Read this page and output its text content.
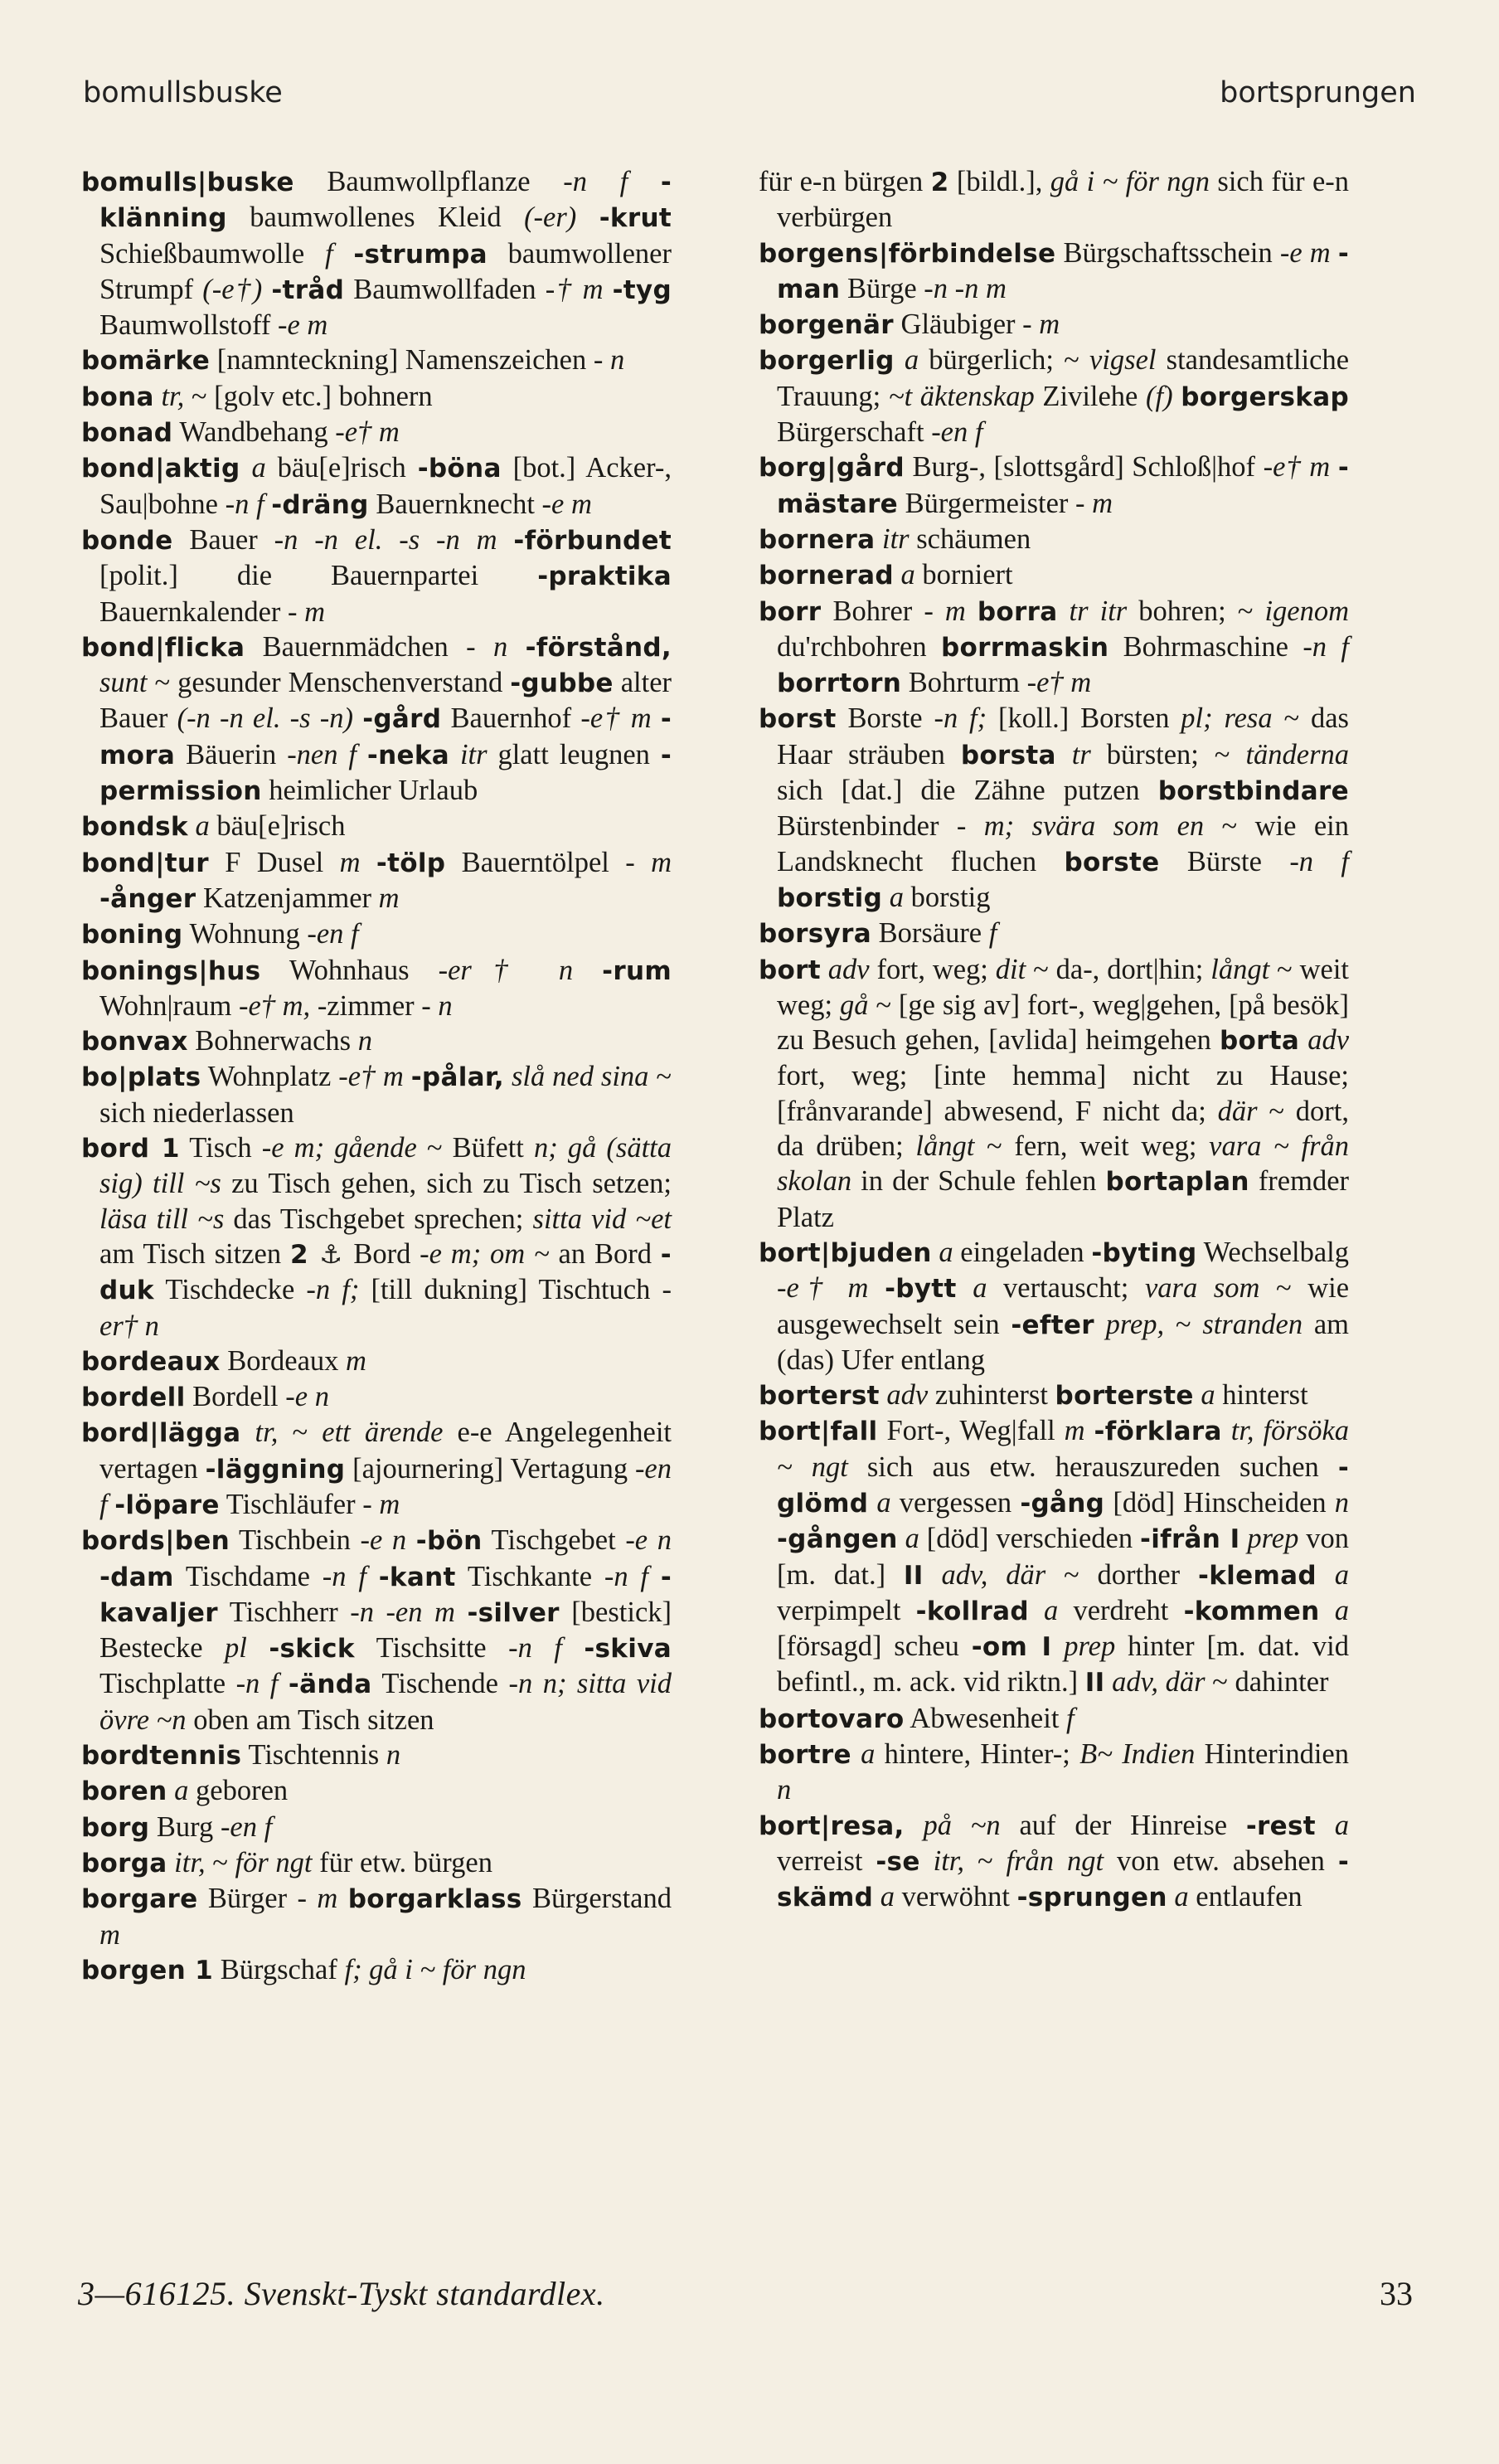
bomullsbuske	bortsprungen
bomulls|buske Baumwollpflanze -n f -klänning baumwollenes Kleid (-er) -krut Schießbaumwolle f -strumpa baumwollener Strumpf (-e†) -tråd Baumwollfaden -† m -tyg Baumwollstoff -e m
bomärke [namnteckning] Namenszeichen - n
bona tr, ~ [golv etc.] bohnern
bonad Wandbehang -e† m
bond|aktig a bäu[e]risch -böna [bot.] Acker-, Sau|bohne -n f -dräng Bauernknecht -e m
bonde Bauer -n -n el. -s -n m -förbundet [polit.] die Bauernpartei -praktika Bauernkalender - m
bond|flicka Bauernmädchen - n -förstånd, sunt ~ gesunder Menschenverstand -gubbe alter Bauer (-n -n el. -s -n) -gård Bauernhof -e† m -mora Bäuerin -nen f -neka itr glatt leugnen -permission heimlicher Urlaub
bondsk a bäu[e]risch
bond|tur F Dusel m -tölp Bauerntölpel - m -ånger Katzenjammer m
boning Wohnung -en f
bonings|hus Wohnhaus -er† n -rum Wohn|raum -e† m, -zimmer - n
bonvax Bohnerwachs n
bo|plats Wohnplatz -e† m -pålar, slå ned sina ~ sich niederlassen
bord 1 Tisch -e m; gående ~ Büfett n; gå (sätta sig) till ~s zu Tisch gehen, sich zu Tisch setzen; läsa till ~s das Tischgebet sprechen; sitta vid ~et am Tisch sitzen 2 ⚓ Bord -e m; om ~ an Bord -duk Tischdecke -n f; [till dukning] Tischtuch -er† n
bordeaux Bordeaux m
bordell Bordell -e n
bord|lägga tr, ~ ett ärende e-e Angelegenheit vertagen -läggning [ajournering] Vertagung -en f -löpare Tischläufer - m
bords|ben Tischbein -e n -bön Tischgebet -e n -dam Tischdame -n f -kant Tischkante -n f -kavaljer Tischherr -n -en m -silver [bestick] Bestecke pl -skick Tischsitte -n f -skiva Tischplatte -n f -ända Tischende -n n; sitta vid övre ~n oben am Tisch sitzen
bordtennis Tischtennis n
boren a geboren
borg Burg -en f
borga itr, ~ för ngt für etw. bürgen
borgare Bürger - m borgarklass Bürgerstand m
borgen 1 Bürgschaf f; gå i ~ för ngn
für e-n bürgen 2 [bildl.], gå i ~ för ngn sich für e-n verbürgen
borgens|förbindelse Bürgschaftsschein -e m -man Bürge -n -n m
borgenär Gläubiger - m
borgerlig a bürgerlich; ~ vigsel standesamtliche Trauung; ~t äktenskap Zivilehe (f) borgerskap Bürgerschaft -en f
borg|gård Burg-, [slottsgård] Schloß|hof -e† m -mästare Bürgermeister - m
bornera itr schäumen
bornerad a borniert
borr Bohrer - m borra tr itr bohren; ~ igenom du'rchbohren borrmaskin Bohrmaschine -n f borrtorn Bohrturm -e† m
borst Borste -n f; [koll.] Borsten pl; resa ~ das Haar sträuben borsta tr bürsten; ~ tänderna sich [dat.] die Zähne putzen borstbindare Bürstenbinder - m; svära som en ~ wie ein Landsknecht fluchen borste Bürste -n f borstig a borstig
borsyra Borsäure f
bort adv fort, weg; dit ~ da-, dort|hin; långt ~ weit weg; gå ~ [ge sig av] fort-, weg|gehen, [på besök] zu Besuch gehen, [avlida] heimgehen borta adv fort, weg; [inte hemma] nicht zu Hause; [frånvarande] abwesend, F nicht da; där ~ dort, da drüben; långt ~ fern, weit weg; vara ~ från skolan in der Schule fehlen bortaplan fremder Platz
bort|bjuden a eingeladen -byting Wechselbalg -e† m -bytt a vertauscht; vara som ~ wie ausgewechselt sein -efter prep, ~ stranden am (das) Ufer entlang
borterst adv zuhinterst borterste a hinterst
bort|fall Fort-, Weg|fall m -förklara tr, försöka ~ ngt sich aus etw. herauszureden suchen -glömd a vergessen -gång [död] Hinscheiden n -gången a [död] verschieden -ifrån I prep von [m. dat.] II adv, där ~ dorther -klemad a verpimpelt -kollrad a verdreht -kommen a [försagd] scheu -om I prep hinter [m. dat. vid befintl., m. ack. vid riktn.] II adv, där ~ dahinter
bortovaro Abwesenheit f
bortre a hintere, Hinter-; B~ Indien Hinterindien n
bort|resa, på ~n auf der Hinreise -rest a verreist -se itr, ~ från ngt von etw. absehen -skämd a verwöhnt -sprungen a entlaufen
3—616125. Svenskt-Tyskt standardlex.	33
